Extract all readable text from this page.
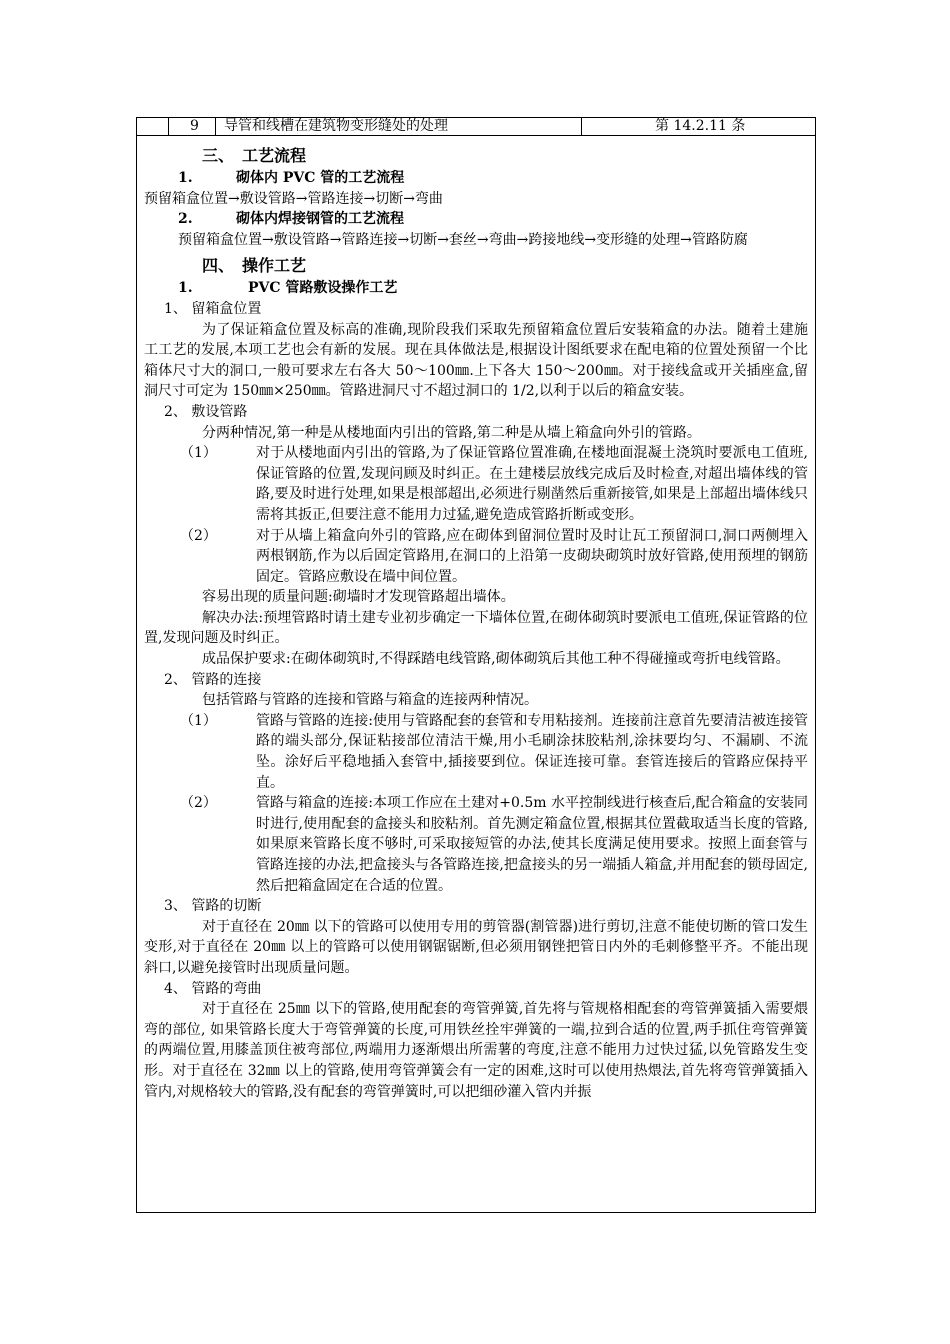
9 导管和线槽在建筑物变形缝处的处理	第 14.2.11 条

三、 工艺流程

1.	砌体内 PVC 管的工艺流程

预留箱盒位置→敷设管路→管路连接→切断→弯曲

2.	砌体内焊接钢管的工艺流程

预留箱盒位置→敷设管路→管路连接→切断→套丝→弯曲→跨接地线→变形缝的处理→管路防腐

四、 操作工艺

1.	PVC 管路敷设操作工艺

1、 留箱盒位置

为了保证箱盒位置及标高的准确,现阶段我们采取先预留箱盒位置后安装箱盒的办法。随着土建施工工艺的发展,本项工艺也会有新的发展。现在具体做法是,根据设计图纸要求在配电箱的位置处预留一个比箱体尺寸大的洞口,一般可要求左右各大 50～100㎜.上下各大 150～200㎜。对于接线盒或开关插座盒,留洞尺寸可定为 150㎜×250㎜。管路进洞尺寸不超过洞口的 1/2,以利于以后的箱盒安装。

2、 敷设管路

分两种情况,第一种是从楼地面内引出的管路,第二种是从墙上箱盒向外引的管路。

（1）	对于从楼地面内引出的管路,为了保证管路位置准确,在楼地面混凝土浇筑时要派电工值班,保证管路的位置,发现问顾及时纠正。在土建楼层放线完成后及时检查,对超出墙体线的管路,要及时进行处理,如果是根部超出,必须进行剔凿然后重新接管,如果是上部超出墙体线只需将其扳正,但要注意不能用力过猛,避免造成管路折断或变形。

（2）	对于从墙上箱盒向外引的管路,应在砌体到留洞位置时及时让瓦工预留洞口,洞口两侧埋入两根钢筋,作为以后固定管路用,在洞口的上沿第一皮砌块砌筑时放好管路,使用预埋的钢筋固定。管路应敷设在墙中间位置。

容易出现的质量问题:砌墙时才发现管路超出墙体。

解决办法:预埋管路时请土建专业初步确定一下墙体位置,在砌体砌筑时要派电工值班,保证管路的位置,发现问题及时纠正。

成品保护要求:在砌体砌筑时,不得踩踏电线管路,砌体砌筑后其他工种不得碰撞或弯折电线管路。

2、 管路的连接

包括管路与管路的连接和管路与箱盒的连接两种情况。

（1）	管路与管路的连接:使用与管路配套的套管和专用粘接剂。连接前注意首先要清洁被连接管路的端头部分,保证粘接部位清洁干燥,用小毛刷涂抹胶粘剂,涂抹要均匀、不漏刷、不流坠。涂好后平稳地插入套管中,插接要到位。保证连接可靠。套管连接后的管路应保持平直。

（2）	管路与箱盒的连接:本项工作应在土建对+0.5m 水平控制线进行核查后,配合箱盒的安装同时进行,使用配套的盒接头和胶粘剂。首先测定箱盒位置,根据其位置截取适当长度的管路,如果原来管路长度不够时,可采取接短管的办法,使其长度满足使用要求。按照上面套管与管路连接的办法,把盒接头与各管路连接,把盒接头的另一端插人箱盒,并用配套的锁母固定,然后把箱盒固定在合适的位置。

3、 管路的切断

对于直径在 20㎜ 以下的管路可以使用专用的剪管器(割管器)进行剪切,注意不能使切断的管口发生变形,对于直径在 20㎜ 以上的管路可以使用钢锯锯断,但必须用钢锉把管日内外的毛刺修整平齐。不能出现斜口,以避免接管时出现质量问题。

4、 管路的弯曲

对于直径在 25㎜ 以下的管路,使用配套的弯管弹簧,首先将与管规格相配套的弯管弹簧插入需要煨弯的部位, 如果管路长度大于弯管弹簧的长度,可用铁丝拴牢弹簧的一端,拉到合适的位置,两手抓住弯管弹簧的两端位置,用膝盖顶住被弯部位,两端用力逐渐煨出所需薯的弯度,注意不能用力过快过猛,以免管路发生变形。对于直径在 32㎜ 以上的管路,使用弯管弹簧会有一定的困难,这时可以使用热煨法,首先将弯管弹簧插入管内,对规格较大的管路,没有配套的弯管弹簧时,可以把细砂灌入管内并振
